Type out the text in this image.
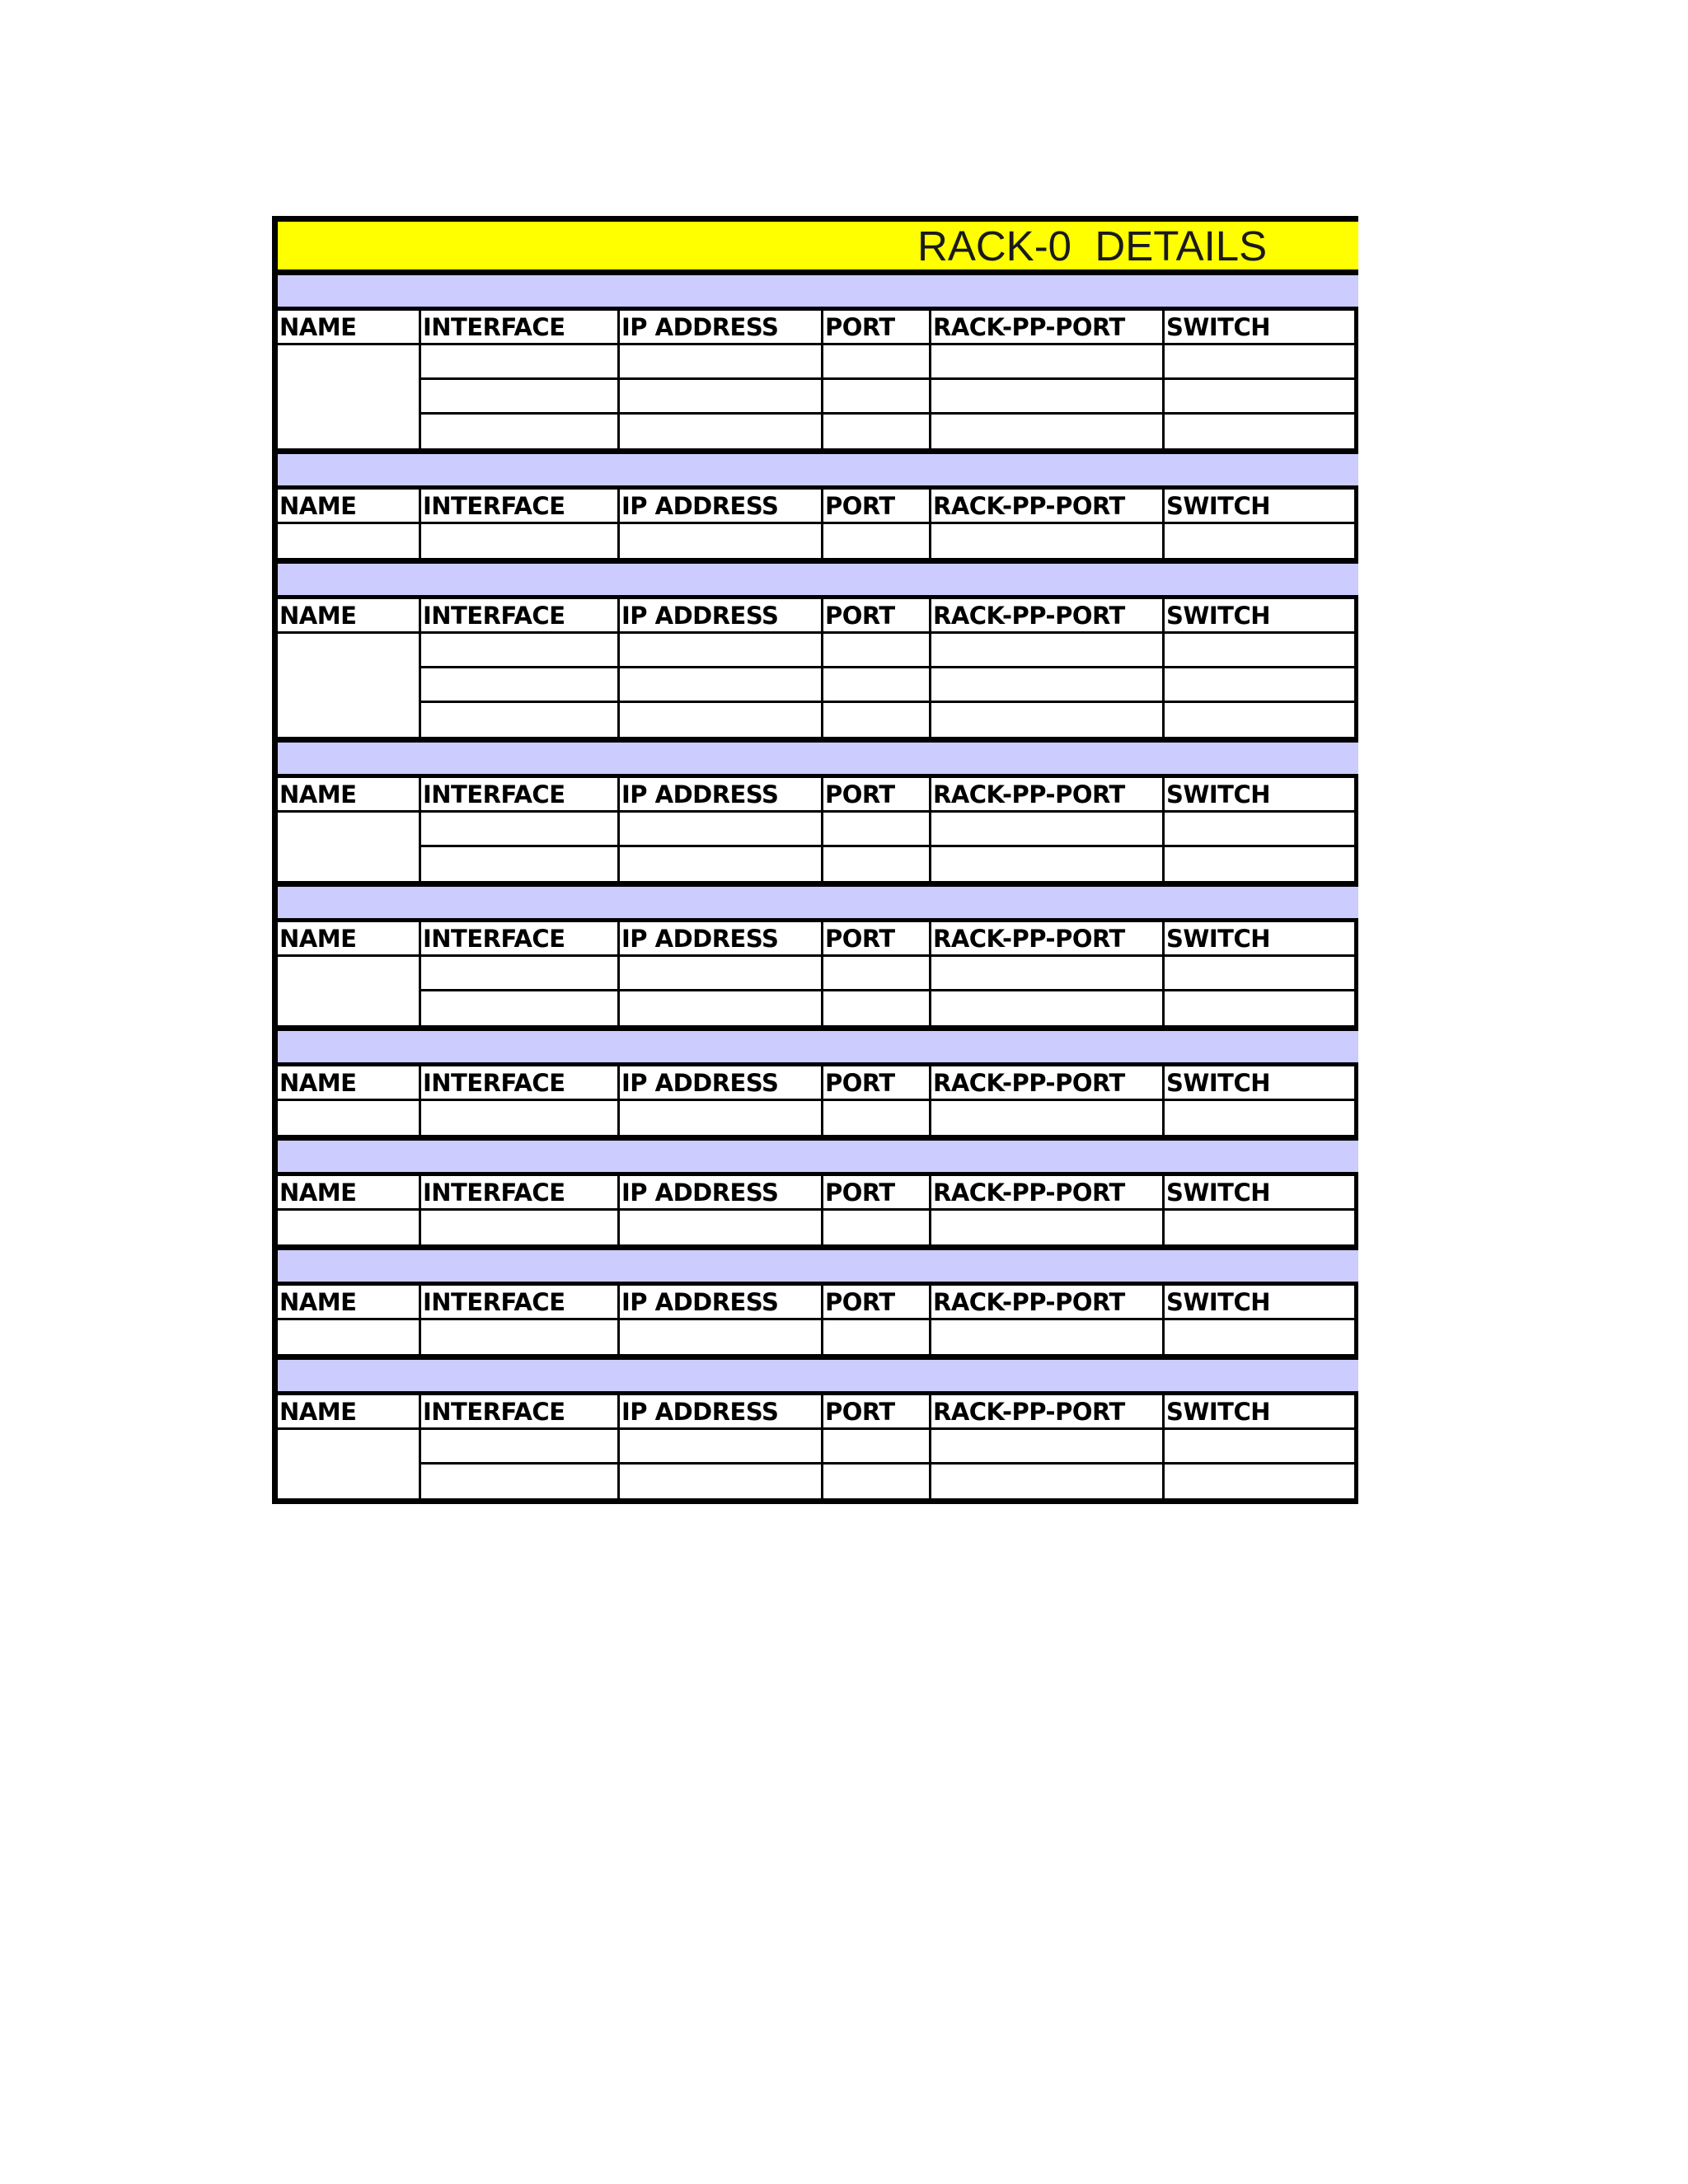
RACK-0  DETAILS
NAME	INTERFACE	IP ADDRESS	PORT	RACK-PP-PORT	SWITCH
NAME	INTERFACE	IP ADDRESS	PORT	RACK-PP-PORT	SWITCH
NAME	INTERFACE	IP ADDRESS	PORT	RACK-PP-PORT	SWITCH
NAME	INTERFACE	IP ADDRESS	PORT	RACK-PP-PORT	SWITCH
NAME	INTERFACE	IP ADDRESS	PORT	RACK-PP-PORT	SWITCH
NAME	INTERFACE	IP ADDRESS	PORT	RACK-PP-PORT	SWITCH
NAME	INTERFACE	IP ADDRESS	PORT	RACK-PP-PORT	SWITCH
NAME	INTERFACE	IP ADDRESS	PORT	RACK-PP-PORT	SWITCH
NAME	INTERFACE	IP ADDRESS	PORT	RACK-PP-PORT	SWITCH
